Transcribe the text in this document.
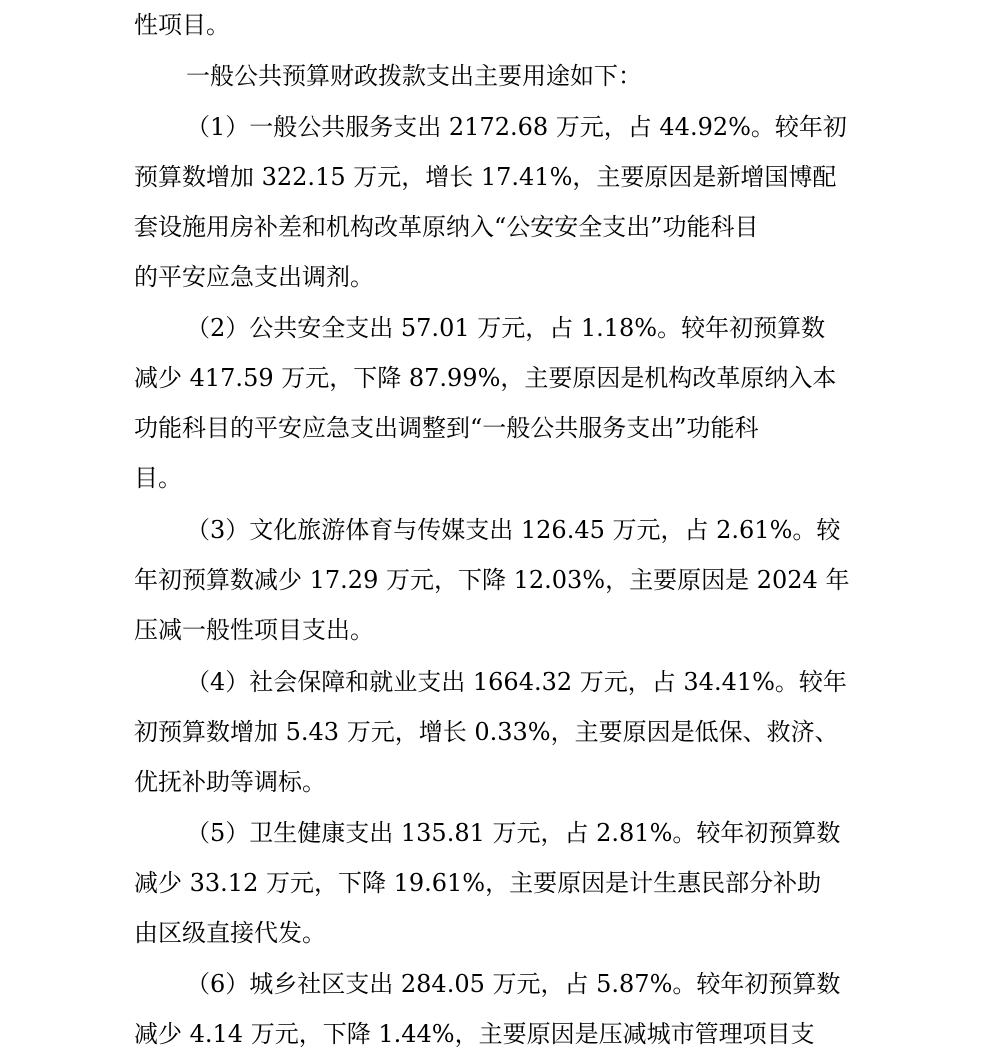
性项目。
一般公共预算财政拨款支出主要用途如下：
（1）一般公共服务支出 2172.68 万元，占 44.92%。较年初
预算数增加 322.15 万元，增长 17.41%，主要原因是新增国博配
套设施用房补差和机构改革原纳入“公安安全支出”功能科目
的平安应急支出调剂。
（2）公共安全支出 57.01 万元，占 1.18%。较年初预算数
减少 417.59 万元，下降 87.99%，主要原因是机构改革原纳入本
功能科目的平安应急支出调整到“一般公共服务支出”功能科
目。
（3）文化旅游体育与传媒支出 126.45 万元，占 2.61%。较
年初预算数减少 17.29 万元，下降 12.03%，主要原因是 2024 年
压减一般性项目支出。
（4）社会保障和就业支出 1664.32 万元，占 34.41%。较年
初预算数增加 5.43 万元，增长 0.33%，主要原因是低保、救济、
优抚补助等调标。
（5）卫生健康支出 135.81 万元，占 2.81%。较年初预算数
减少 33.12 万元，下降 19.61%，主要原因是计生惠民部分补助
由区级直接代发。
（6）城乡社区支出 284.05 万元，占 5.87%。较年初预算数
减少 4.14 万元，下降 1.44%，主要原因是压减城市管理项目支
